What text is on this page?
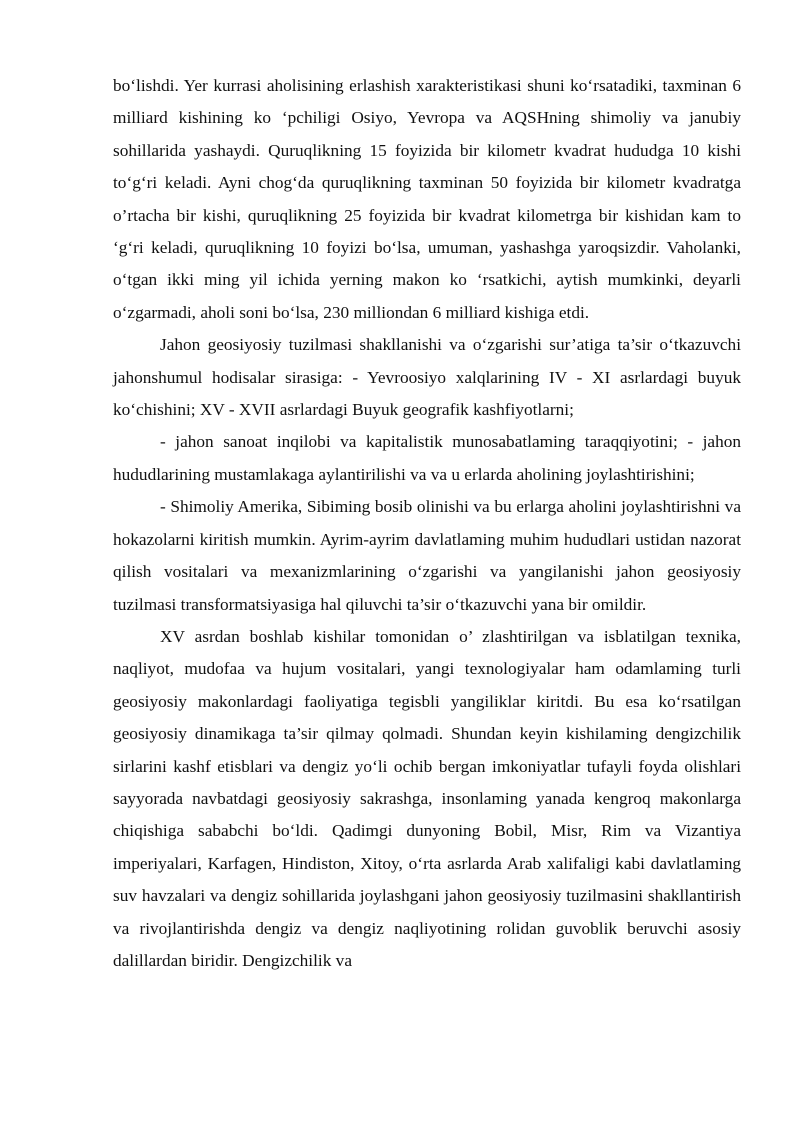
bo‘lishdi. Yer kurrasi aholisining erlashish xarakteristikasi shuni ko‘rsatadiki, taxminan 6 milliard kishining ko ‘pchiligi Osiyo, Yevropa va AQSHning shimoliy va janubiy sohillarida yashaydi. Quruqlikning 15 foyizida bir kilometr kvadrat hududga 10 kishi to‘g‘ri keladi. Ayni chog‘da quruqlikning taxminan 50 foyizida bir kilometr kvadratga o’rtacha bir kishi, quruqlikning 25 foyizida bir kvadrat kilometrga bir kishidan kam to ‘g‘ri keladi, quruqlikning 10 foyizi bo‘lsa, umuman, yashashga yaroqsizdir. Vaholanki, o‘tgan ikki ming yil ichida yerning makon ko ‘rsatkichi, aytish mumkinki, deyarli o‘zgarmadi, aholi soni bo‘lsa, 230 milliondan 6 milliard kishiga etdi.

Jahon geosiyosiy tuzilmasi shakllanishi va o‘zgarishi sur’atiga ta’sir o‘tkazuvchi jahonshumul hodisalar sirasiga: - Yevroosiyo xalqlarining IV - XI asrlardagi buyuk ko‘chishini; XV - XVII asrlardagi Buyuk geografik kashfiyotlarni;

- jahon sanoat inqilobi va kapitalistik munosabatlaming taraqqiyotini; - jahon hududlarining mustamlakaga aylantirilishi va va u erlarda aholining joylashtirishini;

- Shimoliy Amerika, Sibiming bosib olinishi va bu erlarga aholini joylashtirishni va hokazolarni kiritish mumkin. Ayrim-ayrim davlatlaming muhim hududlari ustidan nazorat qilish vositalari va mexanizmlarining o‘zgarishi va yangilanishi jahon geosiyosiy tuzilmasi transformatsiyasiga hal qiluvchi ta’sir o‘tkazuvchi yana bir omildir.

XV asrdan boshlab kishilar tomonidan o’ zlashtirilgan va isblatilgan texnika, naqliyot, mudofaa va hujum vositalari, yangi texnologiyalar ham odamlaming turli geosiyosiy makonlardagi faoliyatiga tegisbli yangiliklar kiritdi. Bu esa ko‘rsatilgan geosiyosiy dinamikaga ta’sir qilmay qolmadi. Shundan keyin kishilaming dengizchilik sirlarini kashf etisblari va dengiz yo‘li ochib bergan imkoniyatlar tufayli foyda olishlari sayyorada navbatdagi geosiyosiy sakrashga, insonlaming yanada kengroq makonlarga chiqishiga sababchi bo‘ldi. Qadimgi dunyoning Bobil, Misr, Rim va Vizantiya imperiyalari, Karfagen, Hindiston, Xitoy, o‘rta asrlarda Arab xalifaligi kabi davlatlaming suv havzalari va dengiz sohillarida joylashgani jahon geosiyosiy tuzilmasini shakllantirish va rivojlantirishda dengiz va dengiz naqliyotining rolidan guvoblik beruvchi asosiy dalillardan biridir. Dengizchilik va
